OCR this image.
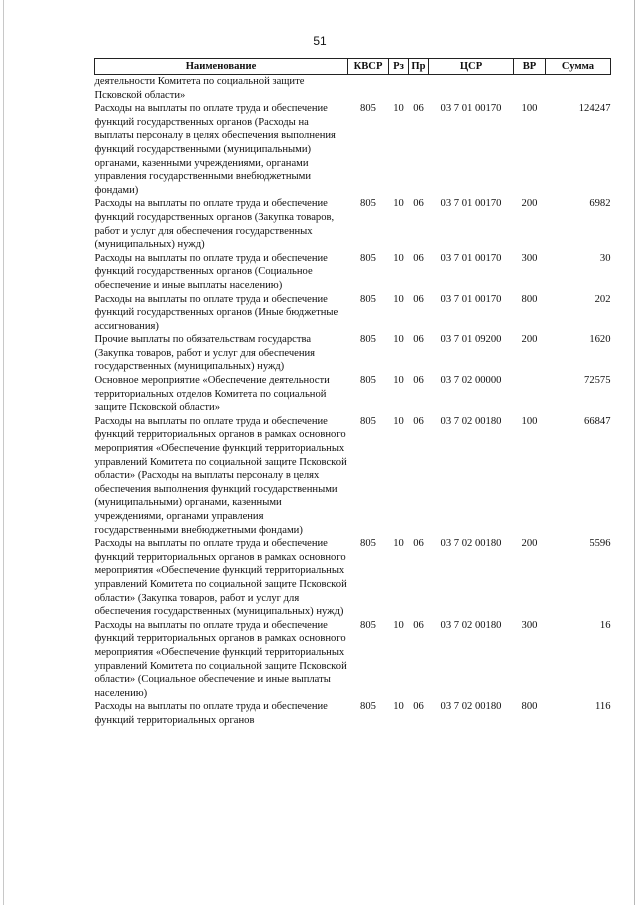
51
Наименование	КВСР	Рз	Пр	ЦСР	ВР	Сумма
деятельности Комитета по социальной защите Псковской области»						
Расходы на выплаты по оплате труда и обеспечение функций государственных органов (Расходы на выплаты персоналу в целях обеспечения выполнения функций государственными (муниципальными) органами, казенными учреждениями, органами управления государственными внебюджетными фондами)	805	10	06	03 7 01 00170	100	124247
Расходы на выплаты по оплате труда и обеспечение функций государственных органов (Закупка товаров, работ и услуг для обеспечения государственных (муниципальных) нужд)	805	10	06	03 7 01 00170	200	6982
Расходы на выплаты по оплате труда и обеспечение функций государственных органов (Социальное обеспечение и иные выплаты населению)	805	10	06	03 7 01 00170	300	30
Расходы на выплаты по оплате труда и обеспечение функций государственных органов (Иные бюджетные ассигнования)	805	10	06	03 7 01 00170	800	202
Прочие выплаты по обязательствам государства (Закупка товаров, работ и услуг для обеспечения государственных (муниципальных) нужд)	805	10	06	03 7 01 09200	200	1620
Основное мероприятие «Обеспечение деятельности территориальных отделов Комитета по социальной защите Псковской области»	805	10	06	03 7 02 00000		72575
Расходы на выплаты по оплате труда и обеспечение функций территориальных органов в рамках основного мероприятия «Обеспечение функций территориальных управлений Комитета по социальной защите Псковской области» (Расходы на выплаты персоналу в целях обеспечения выполнения функций государственными (муниципальными) органами, казенными учреждениями, органами управления государственными внебюджетными фондами)	805	10	06	03 7 02 00180	100	66847
Расходы на выплаты по оплате труда и обеспечение функций территориальных органов в рамках основного мероприятия «Обеспечение функций территориальных управлений Комитета по социальной защите Псковской области» (Закупка товаров, работ и услуг для обеспечения государственных (муниципальных) нужд)	805	10	06	03 7 02 00180	200	5596
Расходы на выплаты по оплате труда и обеспечение функций территориальных органов в рамках основного мероприятия «Обеспечение функций территориальных управлений Комитета по социальной защите Псковской области» (Социальное обеспечение и иные выплаты населению)	805	10	06	03 7 02 00180	300	16
Расходы на выплаты по оплате труда и обеспечение функций территориальных органов	805	10	06	03 7 02 00180	800	116
